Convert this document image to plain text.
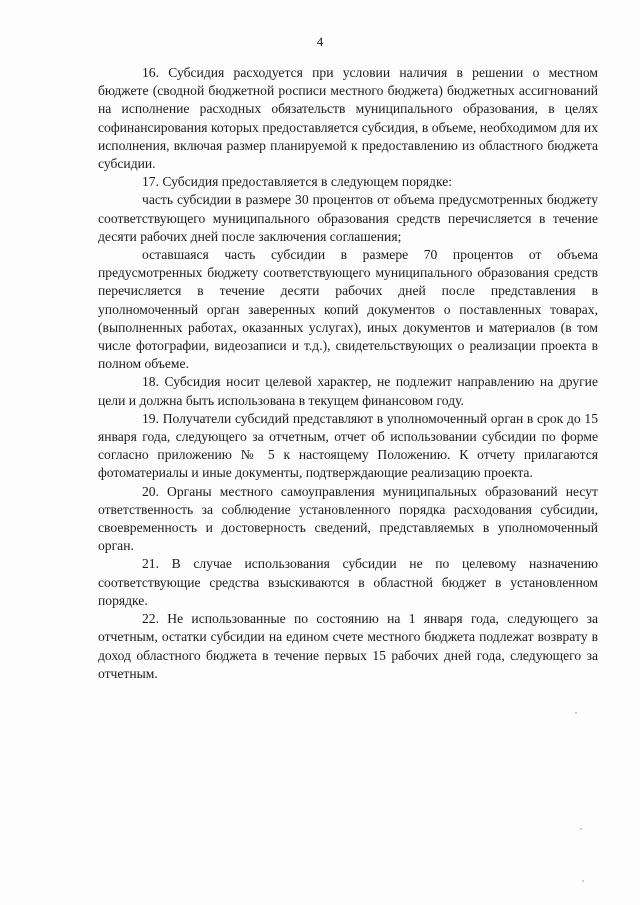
4

16. Субсидия расходуется при условии наличия в решении о местном бюджете (сводной бюджетной росписи местного бюджета) бюджетных ассигнований на исполнение расходных обязательств муниципального образования, в целях софинансирования которых предоставляется субсидия, в объеме, необходимом для их исполнения, включая размер планируемой к предоставлению из областного бюджета субсидии.

17. Субсидия предоставляется в следующем порядке:

часть субсидии в размере 30 процентов от объема предусмотренных бюджету соответствующего муниципального образования средств перечисляется в течение десяти рабочих дней после заключения соглашения;

оставшаяся часть субсидии в размере 70 процентов от объема предусмотренных бюджету соответствующего муниципального образования средств перечисляется в течение десяти рабочих дней после представления в уполномоченный орган заверенных копий документов о поставленных товарах, (выполненных работах, оказанных услугах), иных документов и материалов (в том числе фотографии, видеозаписи и т.д.), свидетельствующих о реализации проекта в полном объеме.

18. Субсидия носит целевой характер, не подлежит направлению на другие цели и должна быть использована в текущем финансовом году.

19. Получатели субсидий представляют в уполномоченный орган в срок до 15 января года, следующего за отчетным, отчет об использовании субсидии по форме согласно приложению № 5 к настоящему Положению. К отчету прилагаются фотоматериалы и иные документы, подтверждающие реализацию проекта.

20. Органы местного самоуправления муниципальных образований несут ответственность за соблюдение установленного порядка расходования субсидии, своевременность и достоверность сведений, представляемых в уполномоченный орган.

21. В случае использования субсидии не по целевому назначению соответствующие средства взыскиваются в областной бюджет в установленном порядке.

22. Не использованные по состоянию на 1 января года, следующего за отчетным, остатки субсидии на едином счете местного бюджета подлежат возврату в доход областного бюджета в течение первых 15 рабочих дней года, следующего за отчетным.
